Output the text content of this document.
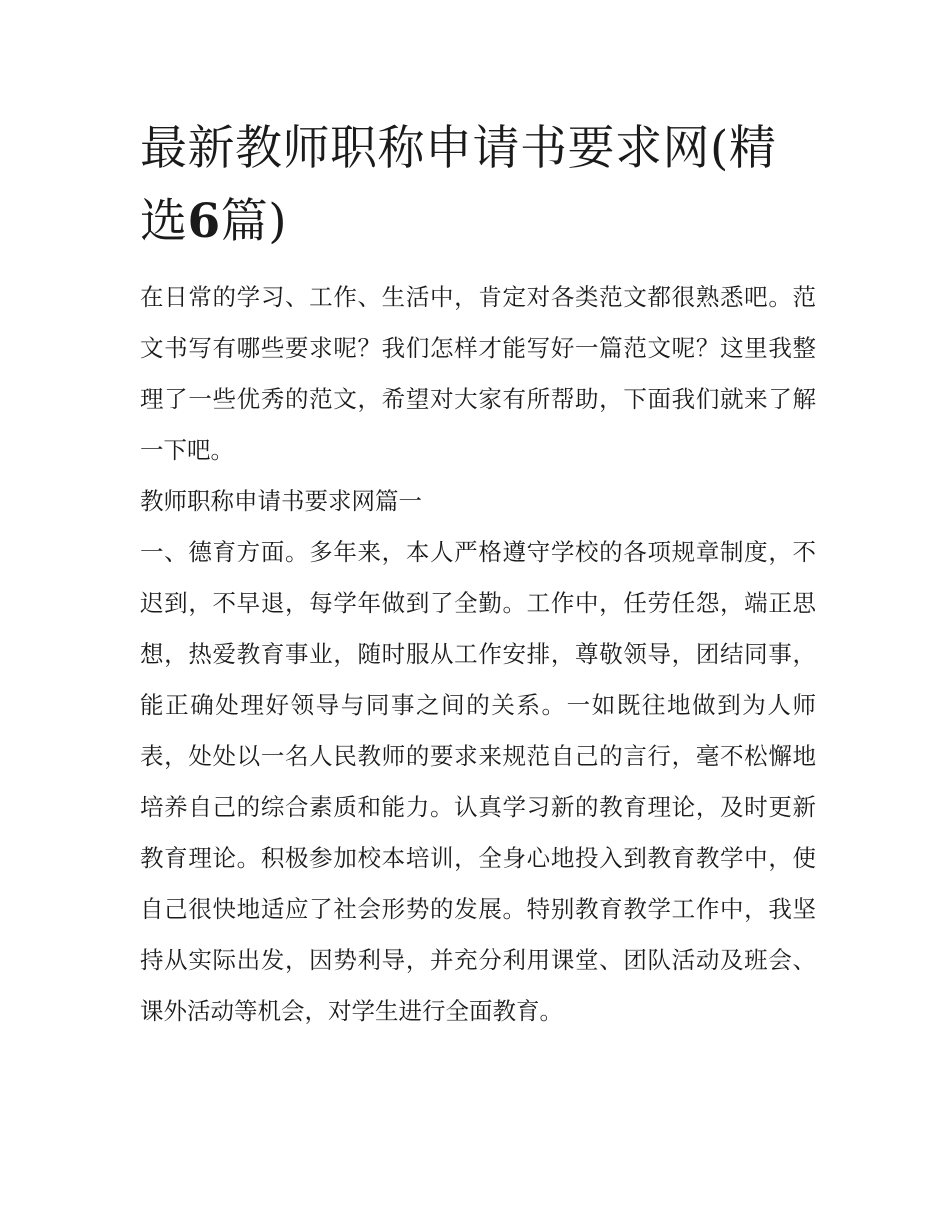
最新教师职称申请书要求网(精选6篇)

在日常的学习、工作、生活中，肯定对各类范文都很熟悉吧。范文书写有哪些要求呢？我们怎样才能写好一篇范文呢？这里我整理了一些优秀的范文，希望对大家有所帮助，下面我们就来了解一下吧。

教师职称申请书要求网篇一

一、德育方面。多年来，本人严格遵守学校的各项规章制度，不迟到，不早退，每学年做到了全勤。工作中，任劳任怨，端正思想，热爱教育事业，随时服从工作安排，尊敬领导，团结同事，能正确处理好领导与同事之间的关系。一如既往地做到为人师表，处处以一名人民教师的要求来规范自己的言行，毫不松懈地培养自己的综合素质和能力。认真学习新的教育理论，及时更新教育理论。积极参加校本培训，全身心地投入到教育教学中，使自己很快地适应了社会形势的发展。特别教育教学工作中，我坚持从实际出发，因势利导，并充分利用课堂、团队活动及班会、课外活动等机会，对学生进行全面教育。
